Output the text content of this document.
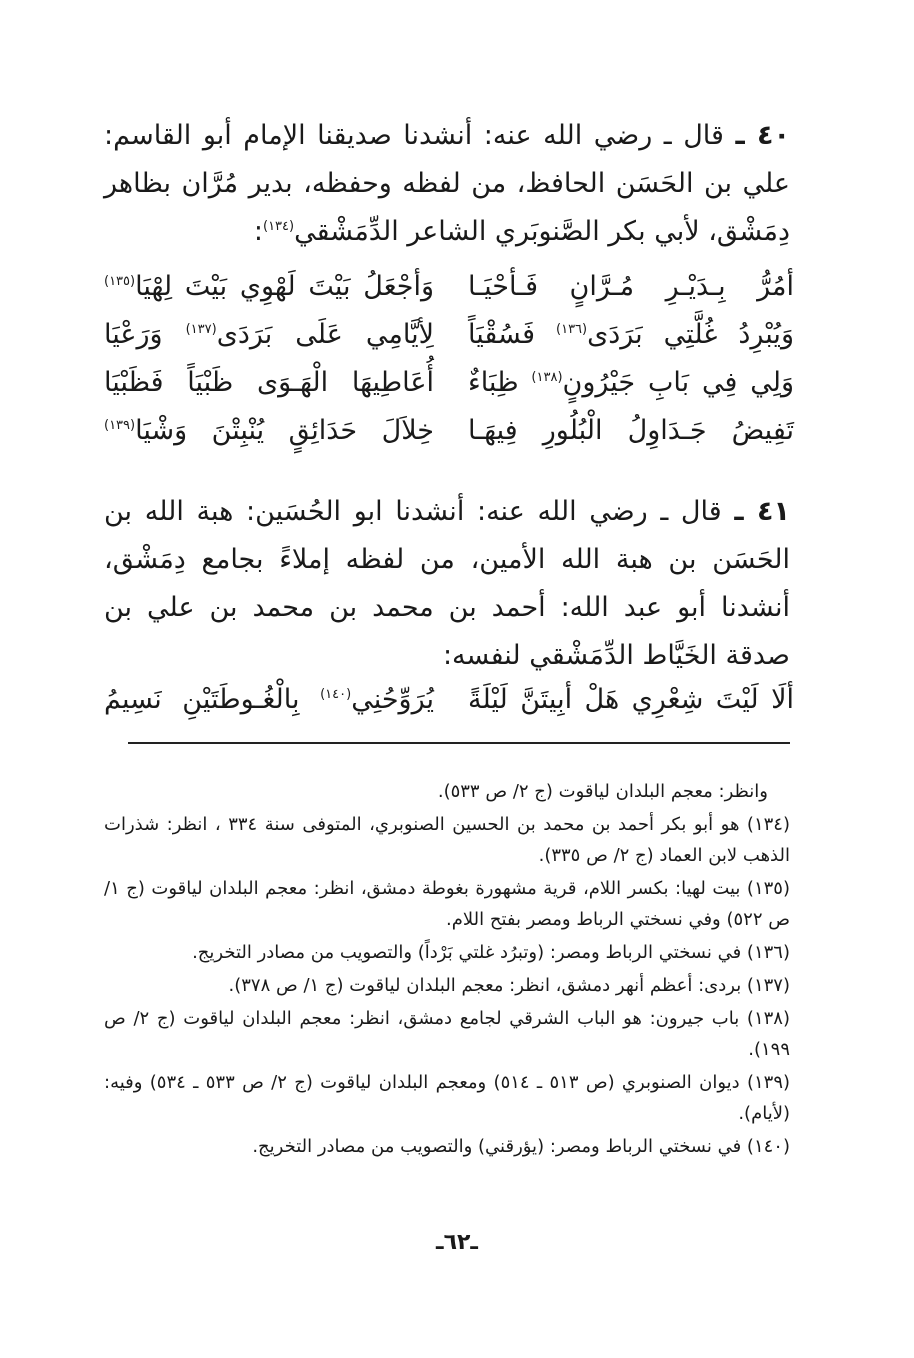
٤٠ ـ قال ـ رضي الله عنه: أنشدنا صديقنا الإمام أبو القاسم: علي بن الحَسَن الحافظ، من لفظه وحفظه، بدير مُرَّان بظاهر دِمَشْق، لأبي بكر الصَّنوبَري الشاعر الدِّمَشْقي$^{(١٣٤)}$:
أمُرُّ بِـدَيْـرِ مُـرَّانٍ فَـأحْيَـا
وَأجْعَلُ بَيْتَ لَهْوِي بَيْتَ لِهْيَا$^{(١٣٥)}$
وَيُبْرِدُ غُلَّتِي بَرَدَى$^{(١٣٦)}$ فَسُقْيَاً
لِأيَّامِي عَلَى بَرَدَى$^{(١٣٧)}$ وَرَعْيَا
وَلِي فِي بَابِ جَيْرُونٍ$^{(١٣٨)}$ ظِبَاءٌ
أُعَاطِيهَا الْهَـوَى ظَبْيَاً فَظَبْيَا
تَفِيضُ جَـدَاوِلُ الْبُلُورِ فِيهَـا
خِلاَلَ حَدَائِقٍ يُنْبِتْنَ وَشْيَا$^{(١٣٩)}$
٤١ ـ قال ـ رضي الله عنه: أنشدنا ابو الحُسَين: هبة الله بن الحَسَن بن هبة الله الأمين، من لفظه إملاءً بجامع دِمَشْق، أنشدنا أبو عبد الله: أحمد بن محمد بن محمد بن علي بن صدقة الخَيَّاط الدِّمَشْقي لنفسه:
ألَا لَيْتَ شِعْرِي هَلْ أبِيتَنَّ لَيْلَةً
يُرَوِّحُنِي$^{(١٤٠)}$ بِالْغُـوطَتَيْنِ نَسِيمُ
وانظر: معجم البلدان لياقوت (ج ٢/ ص ٥٣٣).
(١٣٤) هو أبو بكر أحمد بن محمد بن الحسين الصنوبري، المتوفى سنة ٣٣٤ ، انظر: شذرات الذهب لابن العماد (ج ٢/ ص ٣٣٥).
(١٣٥) بيت لهيا: بكسر اللام، قرية مشهورة بغوطة دمشق، انظر: معجم البلدان لياقوت (ج ١/ ص ٥٢٢) وفي نسختي الرباط ومصر بفتح اللام.
(١٣٦) في نسختي الرباط ومصر: (وتبرُد غلتي بَرْداً) والتصويب من مصادر التخريج.
(١٣٧) بردى: أعظم أنهر دمشق، انظر: معجم البلدان لياقوت (ج ١/ ص ٣٧٨).
(١٣٨) باب جيرون: هو الباب الشرقي لجامع دمشق، انظر: معجم البلدان لياقوت (ج ٢/ ص ١٩٩).
(١٣٩) ديوان الصنوبري (ص ٥١٣ ـ ٥١٤) ومعجم البلدان لياقوت (ج ٢/ ص ٥٣٣ ـ ٥٣٤) وفيه: (لأيام).
(١٤٠) في نسختي الرباط ومصر: (يؤرقني) والتصويب من مصادر التخريج.
ـ٦٢ـ
